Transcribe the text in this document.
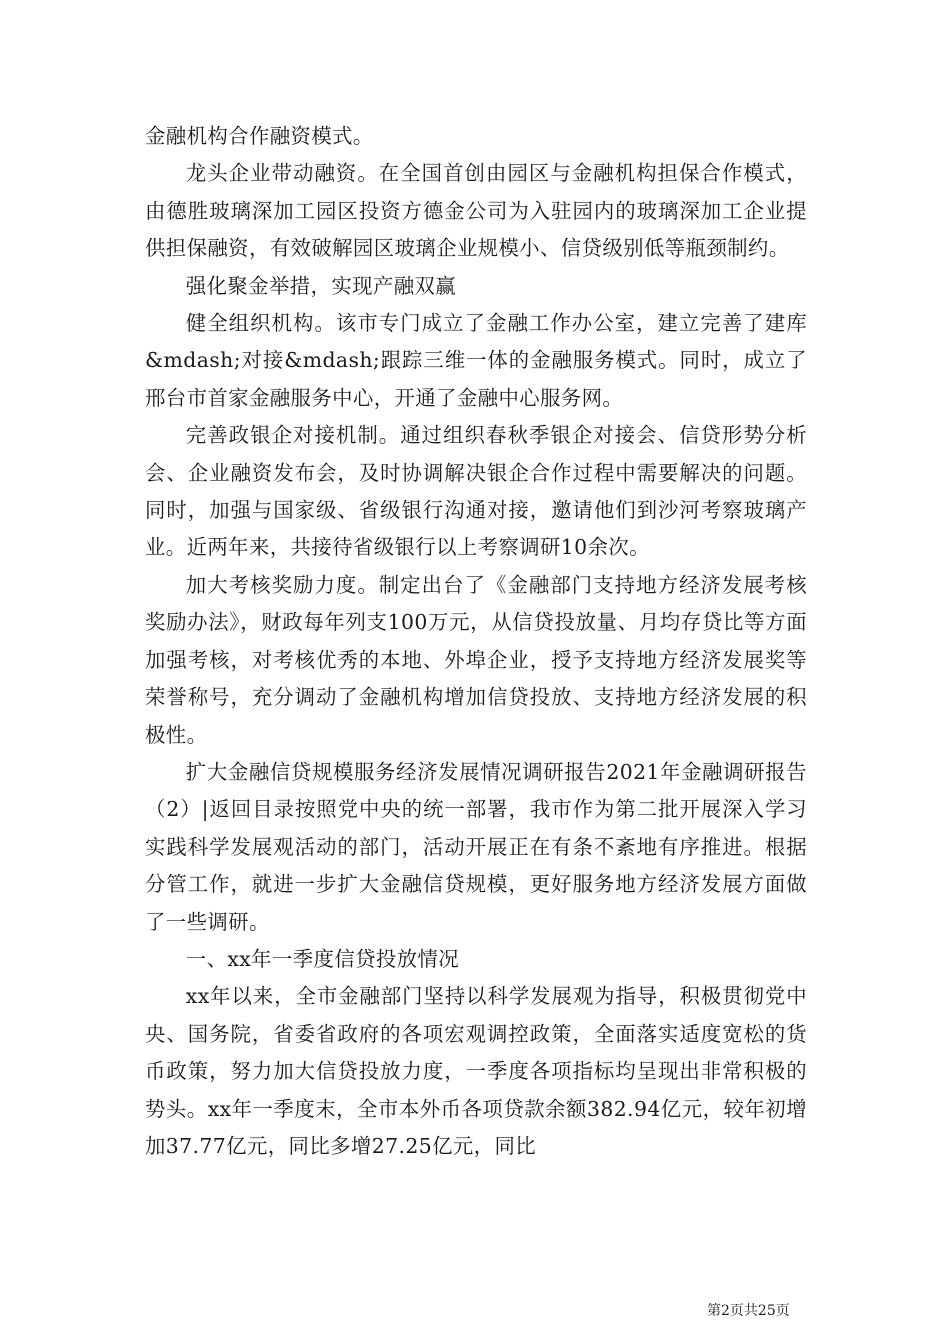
金融机构合作融资模式。

龙头企业带动融资。在全国首创由园区与金融机构担保合作模式，由德胜玻璃深加工园区投资方德金公司为入驻园内的玻璃深加工企业提供担保融资，有效破解园区玻璃企业规模小、信贷级别低等瓶颈制约。

强化聚金举措，实现产融双赢

健全组织机构。该市专门成立了金融工作办公室，建立完善了建库&mdash;对接&mdash;跟踪三维一体的金融服务模式。同时，成立了邢台市首家金融服务中心，开通了金融中心服务网。

完善政银企对接机制。通过组织春秋季银企对接会、信贷形势分析会、企业融资发布会，及时协调解决银企合作过程中需要解决的问题。同时，加强与国家级、省级银行沟通对接，邀请他们到沙河考察玻璃产业。近两年来，共接待省级银行以上考察调研10余次。

加大考核奖励力度。制定出台了《金融部门支持地方经济发展考核奖励办法》，财政每年列支100万元，从信贷投放量、月均存贷比等方面加强考核，对考核优秀的本地、外埠企业，授予支持地方经济发展奖等荣誉称号，充分调动了金融机构增加信贷投放、支持地方经济发展的积极性。

扩大金融信贷规模服务经济发展情况调研报告2021年金融调研报告（2）|返回目录按照党中央的统一部署，我市作为第二批开展深入学习实践科学发展观活动的部门，活动开展正在有条不紊地有序推进。根据分管工作，就进一步扩大金融信贷规模，更好服务地方经济发展方面做了一些调研。

一、xx年一季度信贷投放情况

xx年以来，全市金融部门坚持以科学发展观为指导，积极贯彻党中央、国务院，省委省政府的各项宏观调控政策，全面落实适度宽松的货币政策，努力加大信贷投放力度，一季度各项指标均呈现出非常积极的势头。xx年一季度末，全市本外币各项贷款余额382.94亿元，较年初增加37.77亿元，同比多增27.25亿元，同比

第2页共25页
